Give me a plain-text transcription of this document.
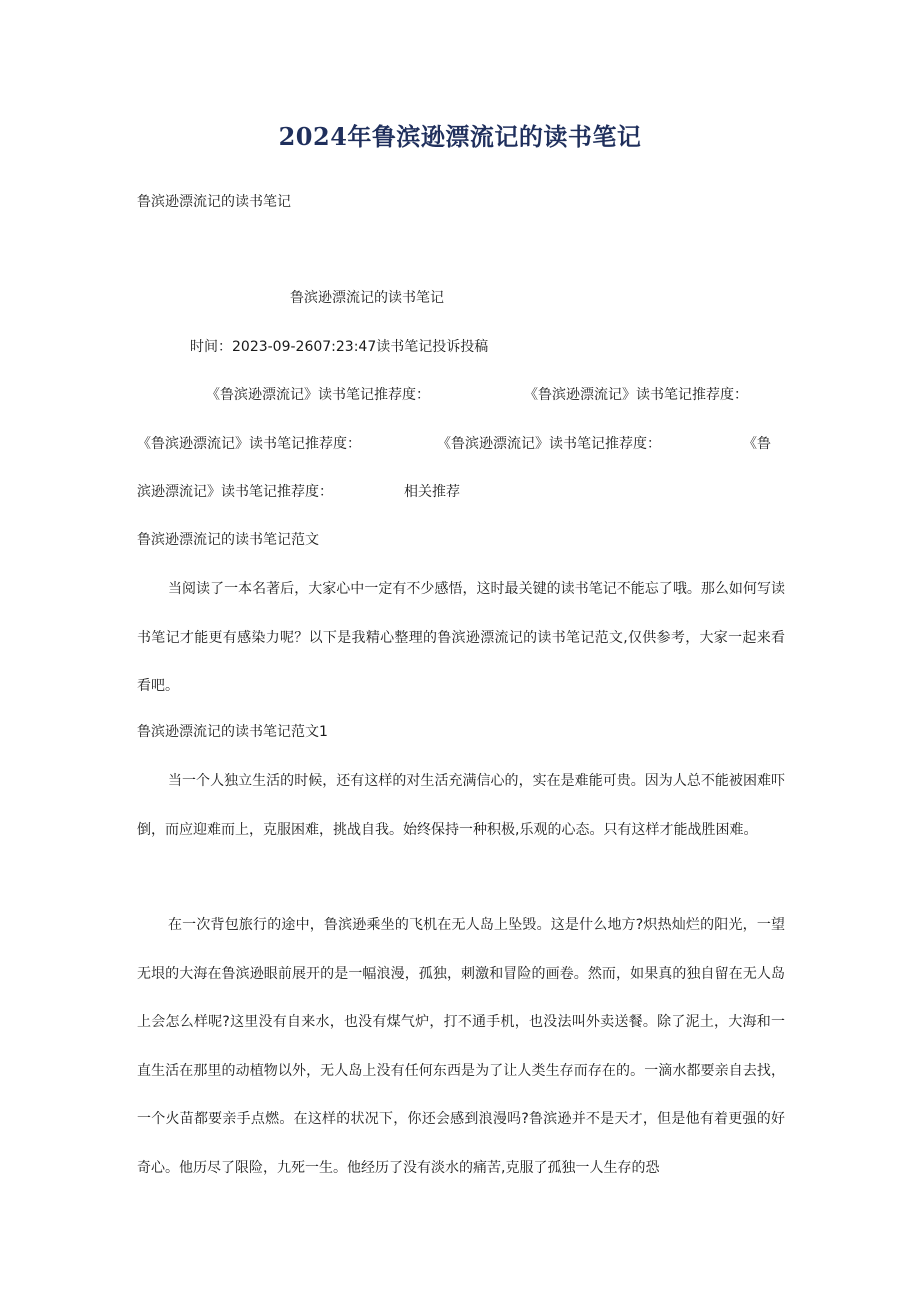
2024年鲁滨逊漂流记的读书笔记
鲁滨逊漂流记的读书笔记
鲁滨逊漂流记的读书笔记
时间：2023-09-2607:23:47读书笔记投诉投稿
《鲁滨逊漂流记》读书笔记推荐度：	《鲁滨逊漂流记》读书笔记推荐度：
《鲁滨逊漂流记》读书笔记推荐度：	《鲁滨逊漂流记》读书笔记推荐度：	《鲁
滨逊漂流记》读书笔记推荐度：	相关推荐
鲁滨逊漂流记的读书笔记范文
当阅读了一本名著后，大家心中一定有不少感悟，这时最关键的读书笔记不能忘了哦。那么如何写读书笔记才能更有感染力呢？以下是我精心整理的鲁滨逊漂流记的读书笔记范文,仅供参考，大家一起来看看吧。
鲁滨逊漂流记的读书笔记范文1
当一个人独立生活的时候，还有这样的对生活充满信心的，实在是难能可贵。因为人总不能被困难吓倒，而应迎难而上，克服困难，挑战自我。始终保持一种积极,乐观的心态。只有这样才能战胜困难。
在一次背包旅行的途中，鲁滨逊乘坐的飞机在无人岛上坠毁。这是什么地方?炽热灿烂的阳光，一望无垠的大海在鲁滨逊眼前展开的是一幅浪漫，孤独，刺激和冒险的画卷。然而，如果真的独自留在无人岛上会怎么样呢?这里没有自来水，也没有煤气炉，打不通手机，也没法叫外卖送餐。除了泥土，大海和一直生活在那里的动植物以外，无人岛上没有任何东西是为了让人类生存而存在的。一滴水都要亲自去找，一个火苗都要亲手点燃。在这样的状况下，你还会感到浪漫吗?鲁滨逊并不是天才，但是他有着更强的好奇心。他历尽了限险，九死一生。他经历了没有淡水的痛苦,克服了孤独一人生存的恐
